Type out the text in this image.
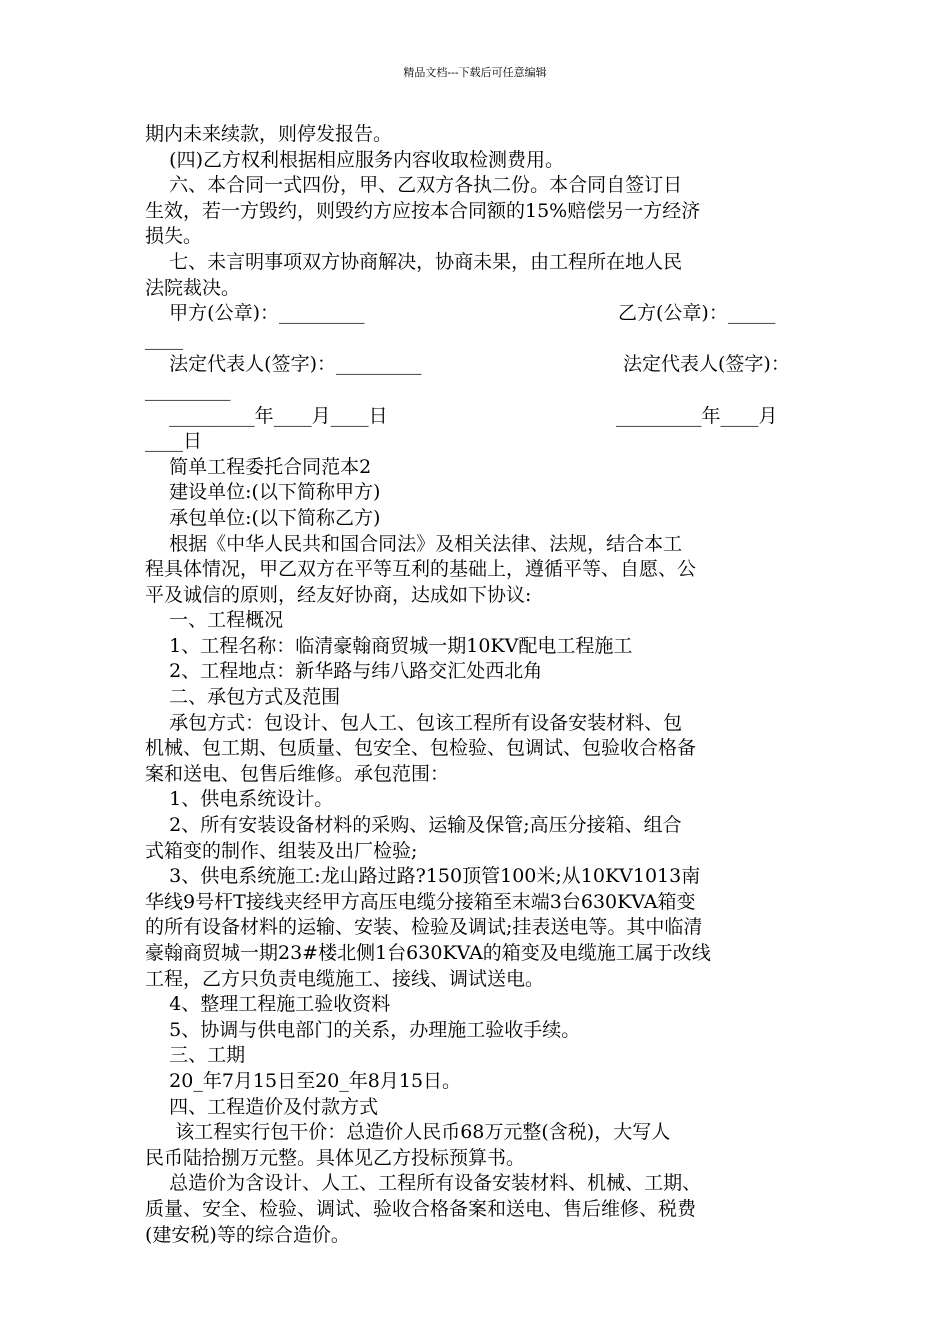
精品文档---下载后可任意编辑
期内未来续款，则停发报告。
(四)乙方权利根据相应服务内容收取检测费用。
六、本合同一式四份，甲、乙双方各执二份。本合同自签订日
生效，若一方毁约，则毁约方应按本合同额的15%赔偿另一方经济
损失。
七、未言明事项双方协商解决，协商未果，由工程所在地人民
法院裁决。
甲方(公章)：_________	乙方(公章)：_____
____
法定代表人(签字)：_________	法定代表人(签字)：
_________
_________年____月____日	_________年____月
____日
简单工程委托合同范本2
建设单位:(以下简称甲方)
承包单位:(以下简称乙方)
根据《中华人民共和国合同法》及相关法律、法规，结合本工
程具体情况，甲乙双方在平等互利的基础上，遵循平等、自愿、公
平及诚信的原则，经友好协商，达成如下协议:
一、工程概况
1、工程名称：临清豪翰商贸城一期10KV配电工程施工
2、工程地点：新华路与纬八路交汇处西北角
二、承包方式及范围
承包方式：包设计、包人工、包该工程所有设备安装材料、包
机械、包工期、包质量、包安全、包检验、包调试、包验收合格备
案和送电、包售后维修。承包范围：
1、供电系统设计。
2、所有安装设备材料的采购、运输及保管;高压分接箱、组合
式箱变的制作、组装及出厂检验;
3、供电系统施工:龙山路过路?150顶管100米;从10KV1013南
华线9号杆T接线夹经甲方高压电缆分接箱至末端3台630KVA箱变
的所有设备材料的运输、安装、检验及调试;挂表送电等。其中临清
豪翰商贸城一期23#楼北侧1台630KVA的箱变及电缆施工属于改线
工程，乙方只负责电缆施工、接线、调试送电。
4、整理工程施工验收资料
5、协调与供电部门的关系，办理施工验收手续。
三、工期
20_年7月15日至20_年8月15日。
四、工程造价及付款方式
该工程实行包干价：总造价人民币68万元整(含税)，大写人
民币陆拾捌万元整。具体见乙方投标预算书。
总造价为含设计、人工、工程所有设备安装材料、机械、工期、
质量、安全、检验、调试、验收合格备案和送电、售后维修、税费
(建安税)等的综合造价。
